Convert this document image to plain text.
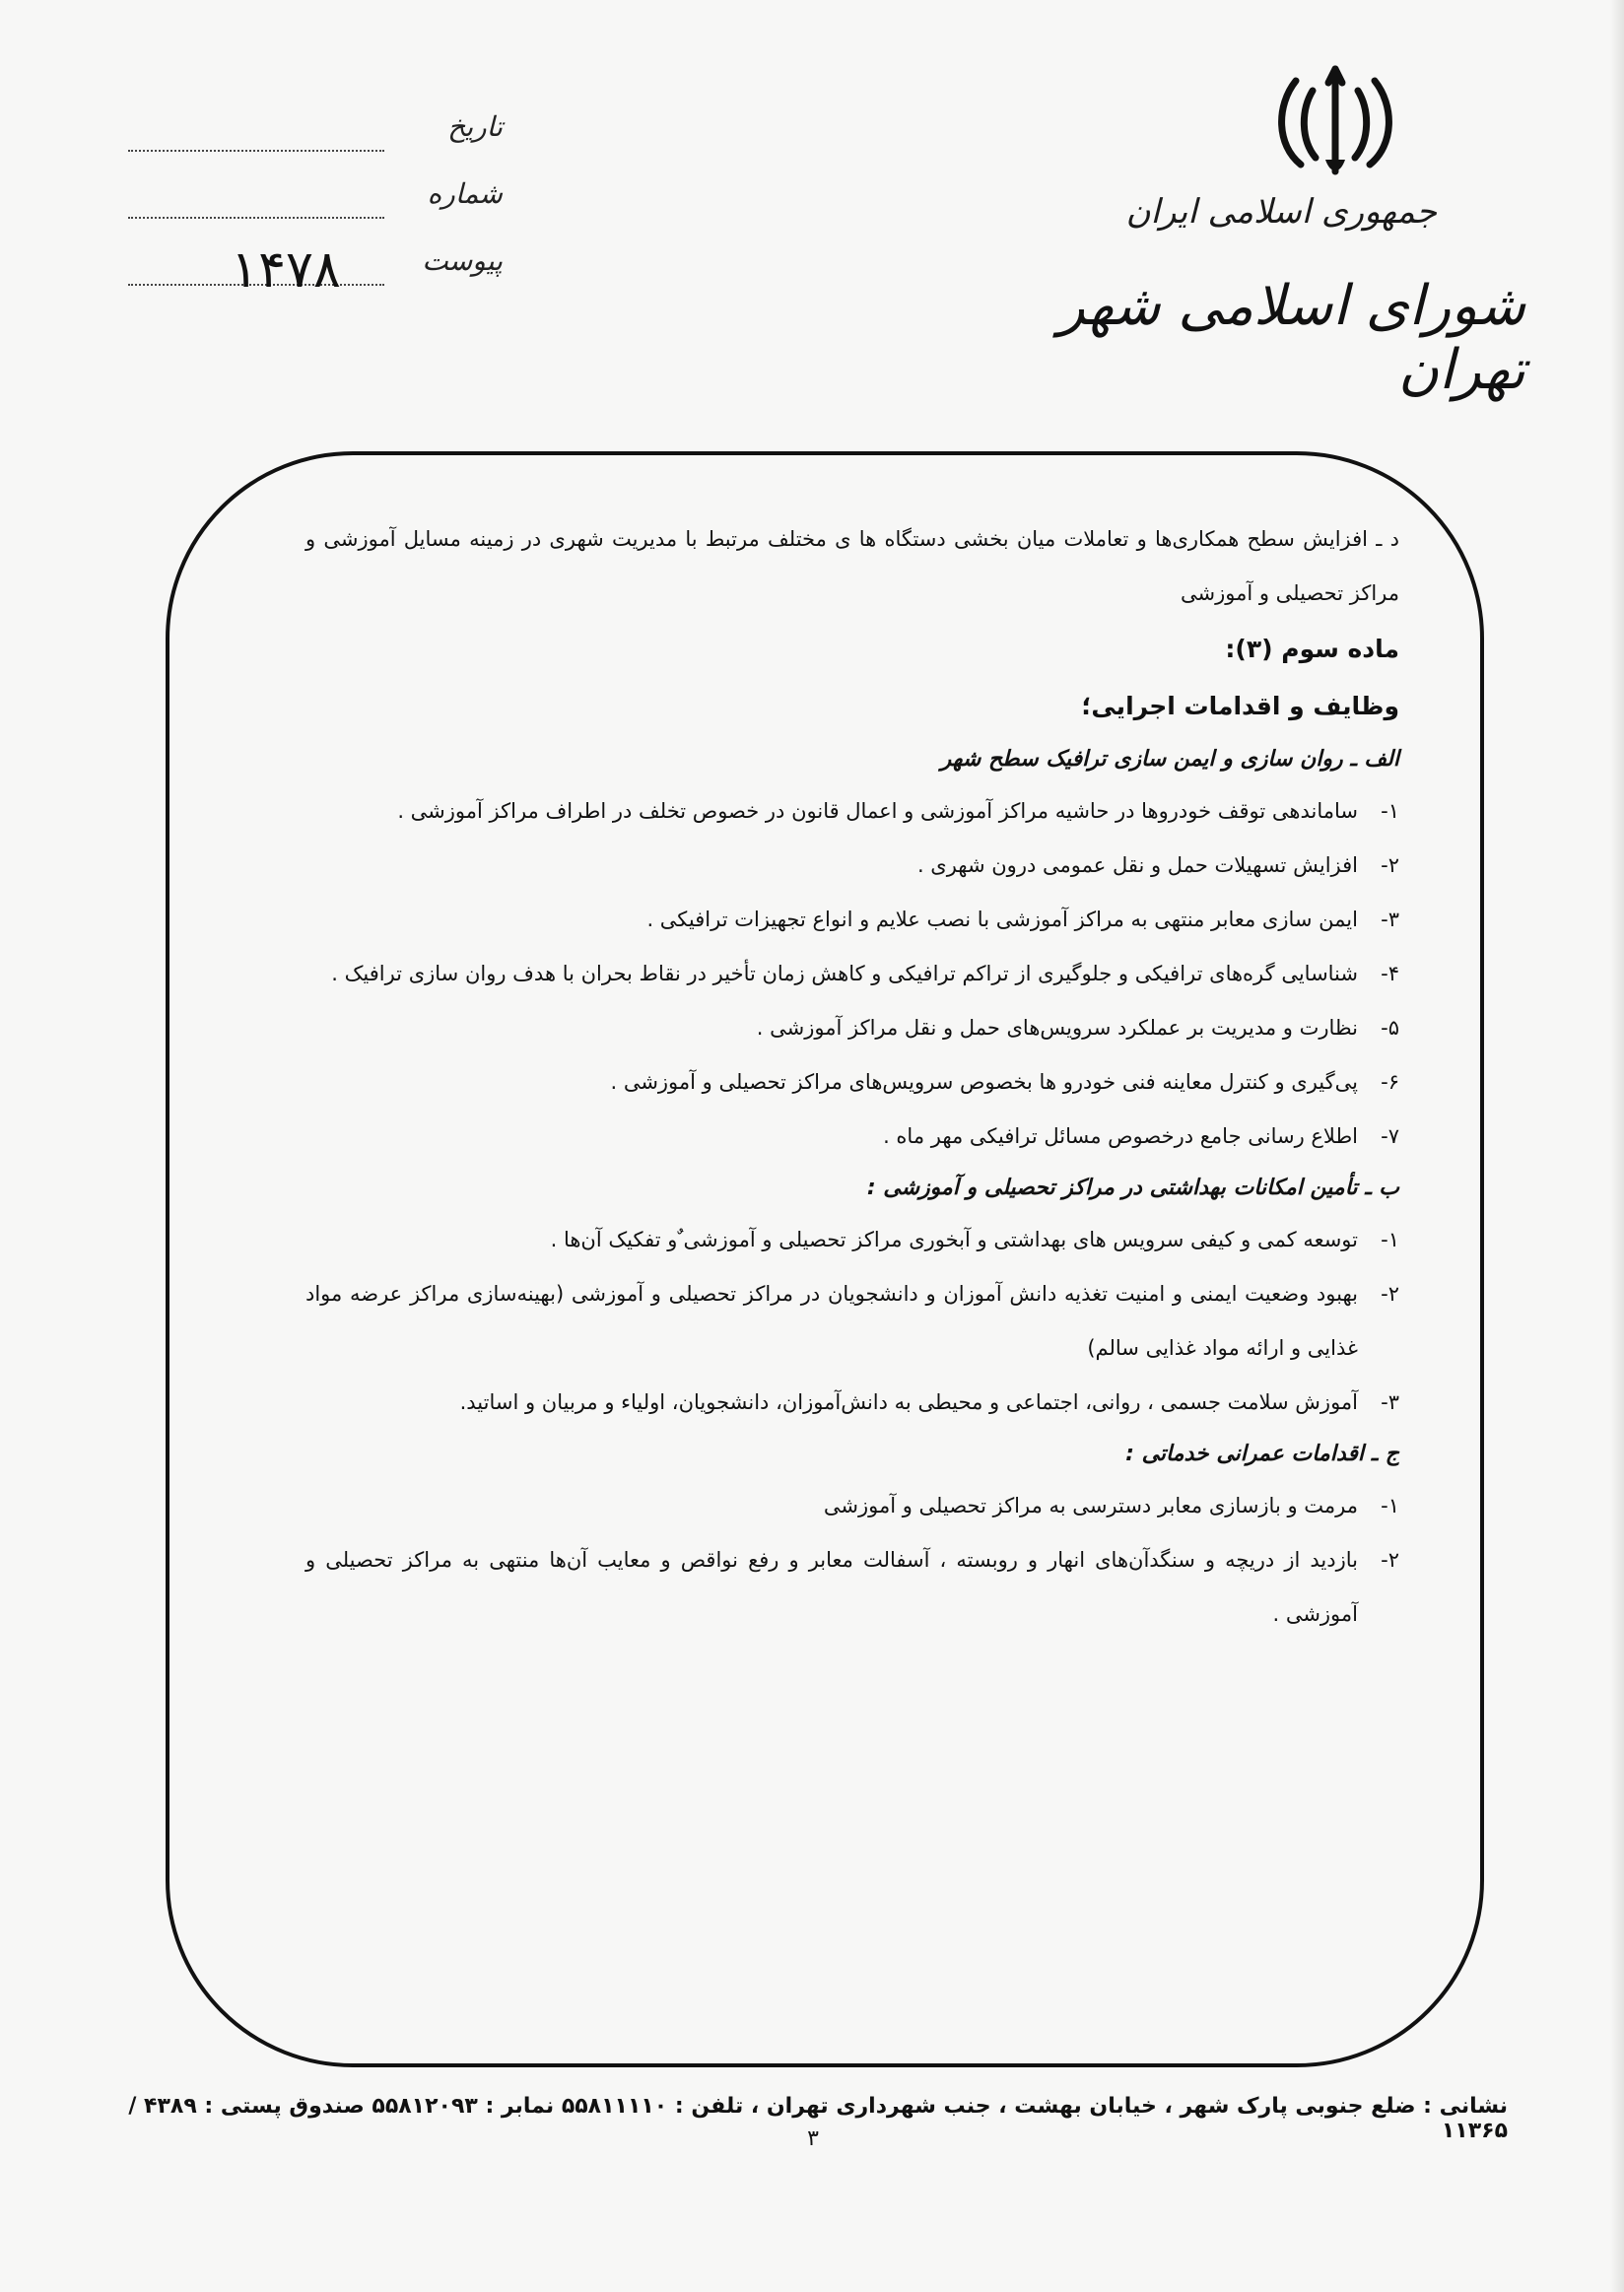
جمهوری اسلامی ایران
شورای اسلامی شهر تهران
تاریخ
شماره
پیوست
۱۴۷۸

د ـ افزایش سطح همکاری‌ها و تعاملات میان بخشی دستگاه ها ی مختلف مرتبط با مدیریت شهری در زمینه مسایل آموزشی و مراکز تحصیلی و آموزشی

ماده سوم (۳):

وظایف و اقدامات اجرایی؛

الف ـ روان سازی و ایمن سازی ترافیک سطح شهر

۱-
ساماندهی توقف خودروها در حاشیه مراکز آموزشی و اعمال قانون در خصوص تخلف در اطراف مراکز آموزشی .
۲-
افزایش تسهیلات حمل و نقل عمومی درون شهری .
۳-
ایمن سازی معابر منتهی به مراکز آموزشی با نصب علایم و انواع تجهیزات ترافیکی .
۴-
شناسایی گره‌های ترافیکی و جلوگیری از تراکم ترافیکی و کاهش زمان تأخیر در نقاط بحران با هدف روان سازی ترافیک .
۵-
نظارت و مدیریت بر عملکرد سرویس‌های حمل و نقل مراکز آموزشی .
۶-
پی‌گیری و کنترل معاینه فنی خودرو ها بخصوص سرویس‌های مراکز تحصیلی و آموزشی .
۷-
اطلاع رسانی جامع درخصوص مسائل ترافیکی مهر ماه .

ب ـ تأمین امکانات بهداشتی در مراکز تحصیلی و آموزشی :

۱-
توسعه کمی و کیفی سرویس های بهداشتی و آبخوری مراکز تحصیلی و آموزشی ٌو تفکیک آن‌ها .
۲-
بهبود وضعیت ایمنی و امنیت تغذیه دانش آموزان و دانشجویان در مراکز تحصیلی و آموزشی (بهینه‌سازی مراکز عرضه مواد غذایی و ارائه مواد غذایی سالم)
۳-
آموزش سلامت جسمی ، روانی، اجتماعی و محیطی به دانش‌آموزان، دانشجویان، اولیاء و مربیان و اساتید.

ج ـ اقدامات عمرانی خدماتی :

۱-
مرمت و بازسازی معابر دسترسی به مراکز تحصیلی و آموزشی
۲-
بازدید از دریچه و سنگدآن‌های انهار و روبسته ، آسفالت معابر و رفع نواقص و معایب آن‌ها منتهی به مراکز تحصیلی و آموزشی .
نشانی : ضلع جنوبی پارک شهر ، خیابان بهشت ، جنب شهرداری تهران ، تلفن : ۵۵۸۱۱۱۱۰ نمابر : ۵۵۸۱۲۰۹۳ صندوق پستی : ۴۳۸۹ / ۱۱۳۶۵
۳
